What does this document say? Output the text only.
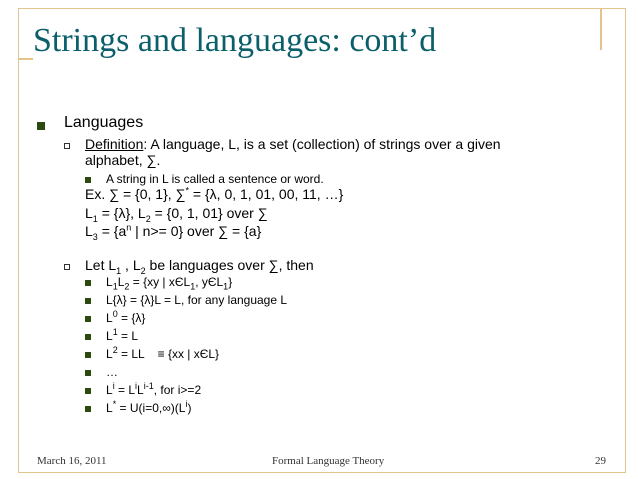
Strings and languages: cont’d
Languages
Definition: A language, L, is a set (collection) of strings over a given
alphabet, ∑.
A string in L is called a sentence or word.
Ex. ∑ = {0, 1}, ∑* = {λ, 0, 1, 01, 00, 11, …}
$L_1 = \{\lambda\}$, $L_2 = \{0$, 1, 01} over ∑
$L_3 = \{a^n$ | n>= 0} over ∑ = {a}
Let $L_1$ , $L_2$ be languages over ∑, then
$L_1L_2 = \{xy$ | xЄL$_1$, yЄL$_1$}
L{λ} = {λ}L = L, for any language L
$L^0 = \{\lambda\}$
$L^1 = L$
$L^2$ = LL    ≡ {xx | xЄL}
…
$L^i = L^iL^{i-1}$, for i>=2
$L^* = U(i=0,\infty)(L^i)$
March 16, 2011	Formal Language Theory	29
